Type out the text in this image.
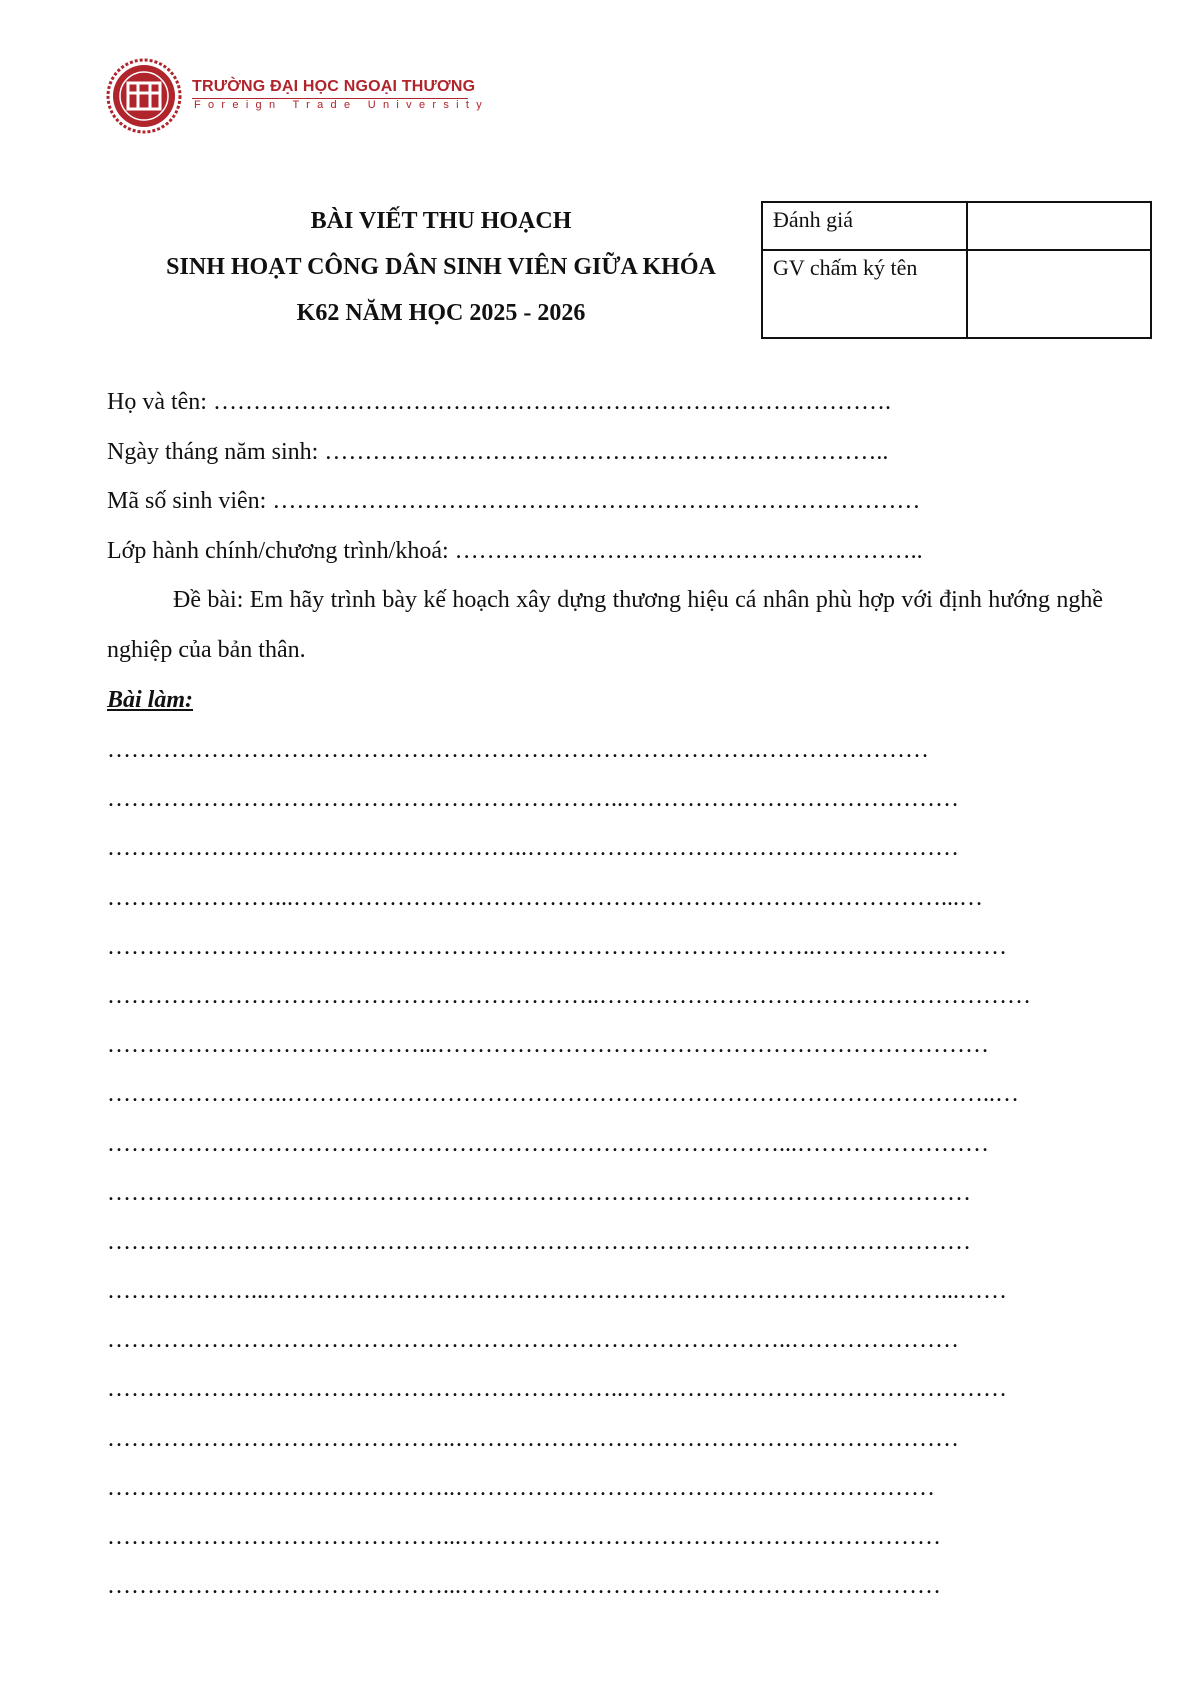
TRƯỜNG ĐẠI HỌC NGOẠI THƯƠNG
Foreign Trade University
BÀI VIẾT THU HOẠCH
SINH HOẠT CÔNG DÂN SINH VIÊN GIỮA KHÓA
K62 NĂM HỌC 2025 - 2026
Đánh giá	
GV chấm ký tên	
Họ và tên: ………………………………………………………………………….
Ngày tháng năm sinh: ……………………………………………………………..
Mã số sinh viên: ………………………………………………………………………
Lớp hành chính/chương trình/khoá: …………………………………………………..

Đề bài: Em hãy trình bày kế hoạch xây dựng thương hiệu cá nhân phù hợp với định hướng nghề nghiệp của bản thân.

Bài làm:
……………………………………………………………………….…………………
………………………………………………………..……………………………………
……………………………………………..………………………………………………
…………………...………………………………………………………………………...…
……………………………………………………………………………..……………………
……………………………………………………..………………………………………………
…………………………………...……………………………………………………………
…………………..……………………………………………………………………………..…
…………………………………………………………………………...……………………
………………………………………………………………………………………………
………………………………………………………………………………………………
………………...…………………………………………………………………………...……
…………………………………………………………………………..…………………
………………………………………………………..…………………………………………
……………………………………..………………………………………………………
……………………………………..……………………………………………………
……………………………………...……………………………………………………
……………………………………...……………………………………………………
